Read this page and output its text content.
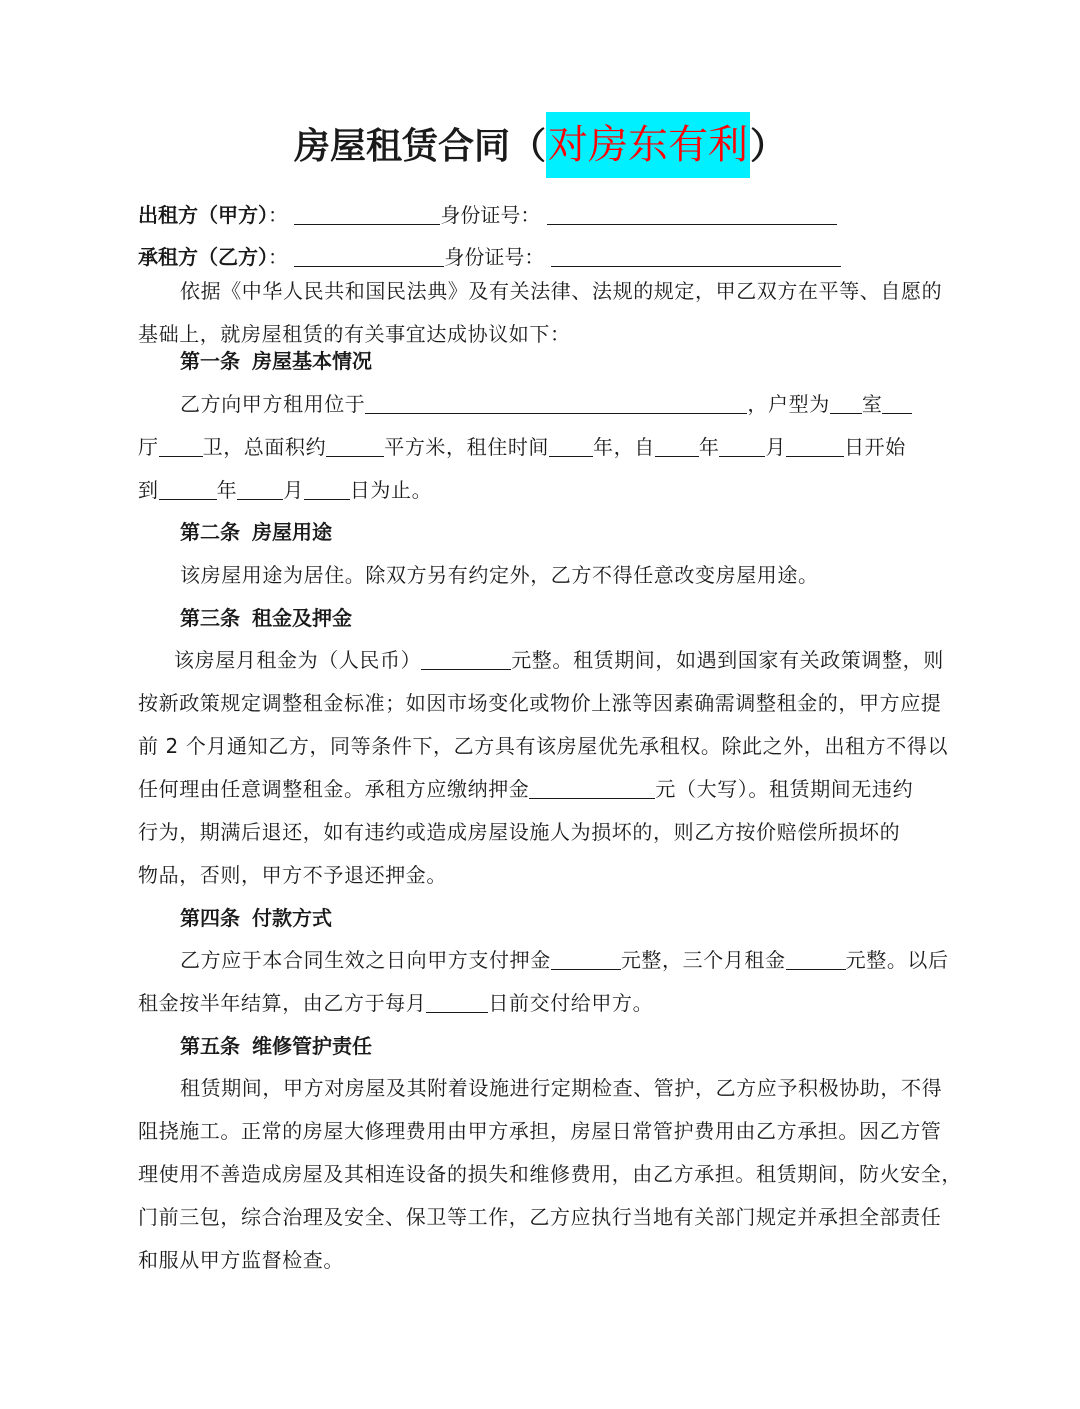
房屋租赁合同（对房东有利）
出租方（甲方）：	身份证号：
承租方（乙方）：	身份证号：
依据《中华人民共和国民法典》及有关法律、法规的规定，甲乙双方在平等、自愿的
基础上，就房屋租赁的有关事宜达成协议如下：
第一条 房屋基本情况
乙方向甲方租用位于	，户型为 室
厅 卫，总面积约	平方米，租住时间 年，自 年 月	日开始
到	年 月 日为止。
第二条 房屋用途
该房屋用途为居住。除双方另有约定外，乙方不得任意改变房屋用途。
第三条 租金及押金
该房屋月租金为（人民币）	元整。租赁期间，如遇到国家有关政策调整，则
按新政策规定调整租金标准；如因市场变化或物价上涨等因素确需调整租金的，甲方应提
前 2 个月通知乙方，同等条件下，乙方具有该房屋优先承租权。除此之外，出租方不得以
任何理由任意调整租金。承租方应缴纳押金	元（大写）。租赁期间无违约
行为，期满后退还，如有违约或造成房屋设施人为损坏的，则乙方按价赔偿所损坏的
物品，否则，甲方不予退还押金。
第四条 付款方式
乙方应于本合同生效之日向甲方支付押金	元整，三个月租金	元整。以后
租金按半年结算，由乙方于每月	日前交付给甲方。
第五条 维修管护责任
租赁期间，甲方对房屋及其附着设施进行定期检查、管护，乙方应予积极协助，不得
阻挠施工。正常的房屋大修理费用由甲方承担，房屋日常管护费用由乙方承担。因乙方管
理使用不善造成房屋及其相连设备的损失和维修费用，由乙方承担。租赁期间，防火安全，
门前三包，综合治理及安全、保卫等工作，乙方应执行当地有关部门规定并承担全部责任
和服从甲方监督检查。
